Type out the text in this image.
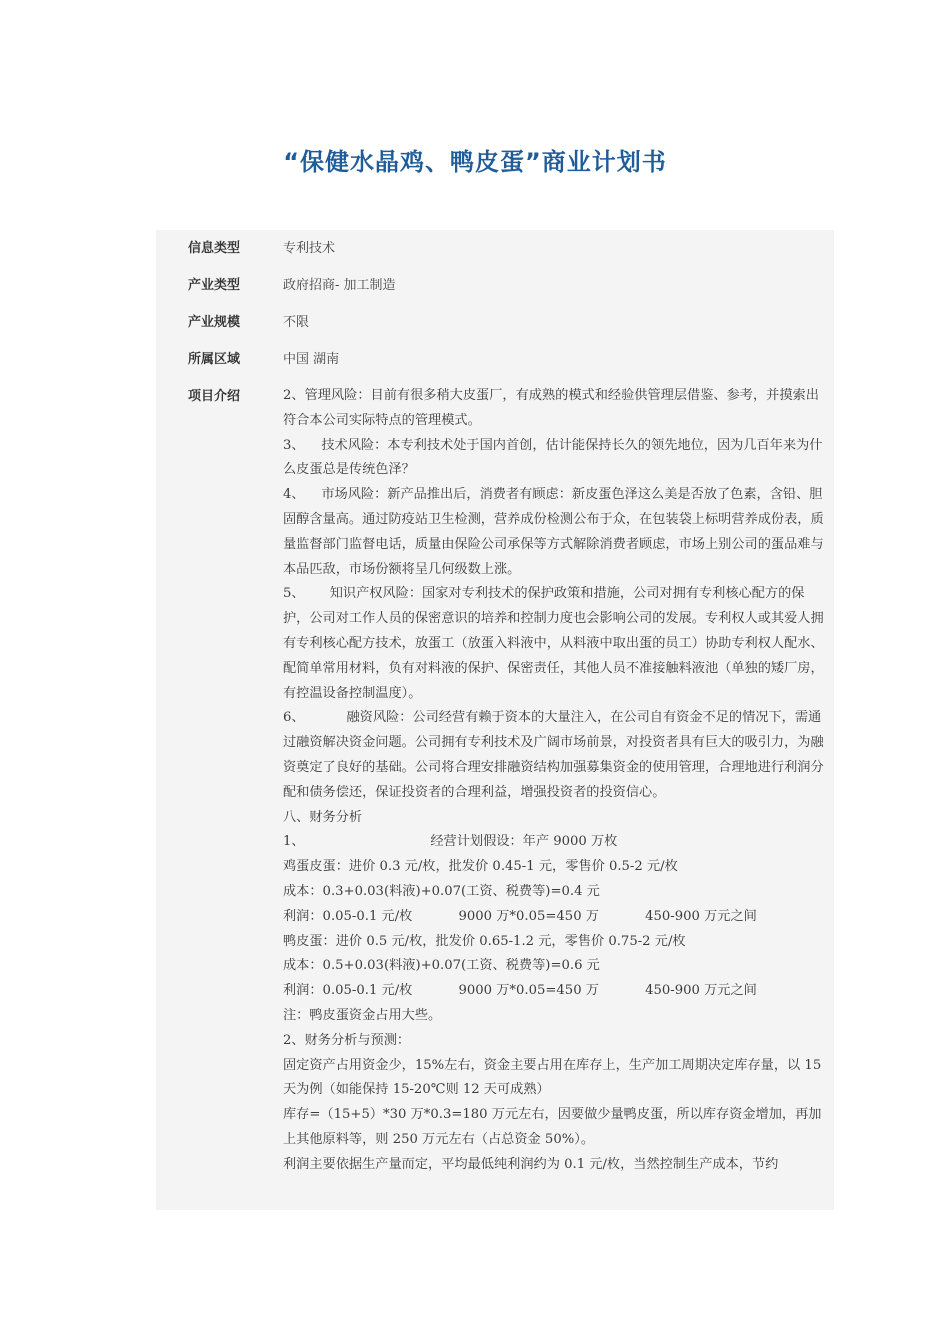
“保健水晶鸡、鸭皮蛋”商业计划书
信息类型	专利技术
产业类型	政府招商- 加工制造
产业规模	不限
所属区域	中国 湖南
项目介绍	2、管理风险：目前有很多稍大皮蛋厂，有成熟的模式和经验供管理层借鉴、参考，并摸索出符合本公司实际特点的管理模式。

3、    技术风险：本专利技术处于国内首创，估计能保持长久的领先地位，因为几百年来为什么皮蛋总是传统色泽？

4、    市场风险：新产品推出后，消费者有顾虑：新皮蛋色泽这么美是否放了色素，含铅、胆固醇含量高。通过防疫站卫生检测，营养成份检测公布于众，在包装袋上标明营养成份表，质量监督部门监督电话，质量由保险公司承保等方式解除消费者顾虑，市场上别公司的蛋品难与本品匹敌，市场份额将呈几何级数上涨。

5、      知识产权风险：国家对专利技术的保护政策和措施，公司对拥有专利核心配方的保护，公司对工作人员的保密意识的培养和控制力度也会影响公司的发展。专利权人或其爱人拥有专利核心配方技术，放蛋工（放蛋入料液中，从料液中取出蛋的员工）协助专利权人配水、配简单常用材料，负有对料液的保护、保密责任，其他人员不准接触料液池（单独的矮厂房，有控温设备控制温度）。

6、          融资风险：公司经营有赖于资本的大量注入，在公司自有资金不足的情况下，需通过融资解决资金问题。公司拥有专利技术及广阔市场前景，对投资者具有巨大的吸引力，为融资奠定了良好的基础。公司将合理安排融资结构加强募集资金的使用管理，合理地进行利润分配和债务偿还，保证投资者的合理利益，增强投资者的投资信心。

八、财务分析

1、                              经营计划假设：年产 9000 万枚

鸡蛋皮蛋：进价 0.3 元/枚，批发价 0.45-1 元，零售价 0.5-2 元/枚

成本：0.3+0.03(料液)+0.07(工资、税费等)=0.4 元

利润：0.05-0.1 元/枚           9000 万*0.05=450 万           450-900 万元之间

鸭皮蛋：进价 0.5 元/枚，批发价 0.65-1.2 元，零售价 0.75-2 元/枚

成本：0.5+0.03(料液)+0.07(工资、税费等)=0.6 元

利润：0.05-0.1 元/枚           9000 万*0.05=450 万           450-900 万元之间

注：鸭皮蛋资金占用大些。

2、财务分析与预测：

固定资产占用资金少，15%左右，资金主要占用在库存上，生产加工周期决定库存量，以 15 天为例（如能保持 15-20℃则 12 天可成熟）

库存=（15+5）*30 万*0.3=180 万元左右，因要做少量鸭皮蛋，所以库存资金增加，再加上其他原料等，则 250 万元左右（占总资金 50%）。

利润主要依据生产量而定，平均最低纯利润约为 0.1 元/枚，当然控制生产成本，节约
